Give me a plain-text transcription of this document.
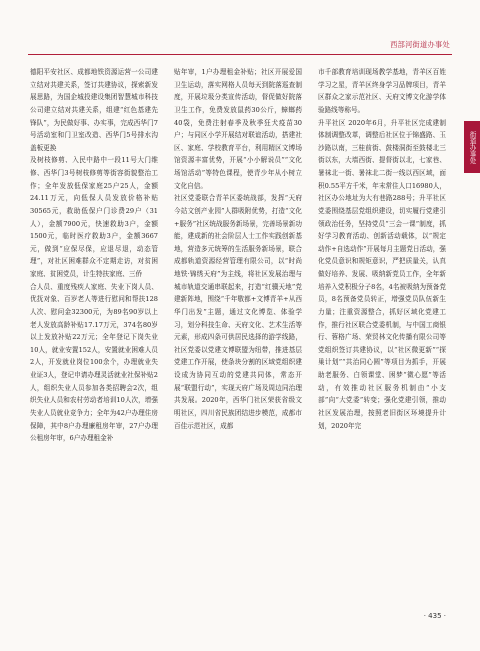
西部河街道办事处
街道办事处

德阳平安社区、成都地铁资源运营一公司建立结对共建关系，签订共建协议，探索新发展思路，为国企城投建设集团智慧城市科技公司建立结对共建关系，组建“红色基建先锋队”，为民做好事、办实事，完成西华门7号活动室和门卫室改造、西华门5号排水沟盖板更换

及树枝修剪、入民中路中一段11号大门维修、西华门3号树枝修剪等街容街貌整治工作；全年发放低保家庭25户25人，金额24.11万元，向低保人员发放价格补贴30565元，救助低保户门诊费29户（31人），金额7900元，快速救助3户，金额1500元，临时医疗救助3户，金额3667元，做到“应保尽保，应退尽退，动态管理”，对社区困难群众不定期走访，对贫困家庭、贫困党员，计生特扶家庭、三侨

合人员、重度残疾人家庭、失业下岗人员、优抚对象、百岁老人等进行慰问和帮扶128人次、慰问金32300元，为89名90岁以上老人发放高龄补贴17.17万元，374名80岁以上发放补贴22万元；全年登记下岗失业10人，就业安置152人，安置就业困难人员2人，开发就业岗位100余个，办理就业失业证3人，登记申请办理灵活就业社保补贴2人，组织失业人员参加各类招聘会2次，组织失业人员和农村劳动者培训10人次，增强失业人员就业竞争力；全年为42户办理住房保障，其中8户办理廉租房年审，27户办理公租房年审，6户办理租金补

贴年审，1户办理租金补贴；社区开展爱国卫生运动，落实网格人员每天到院落巡查制度，开展垃圾分类宣传活动，督促做好院落卫生工作，免费发放鼠药30公斤，蟑螂药40袋，免费注射春季及秋季狂犬疫苗30户；与同区小学开展结对联谊活动，搭建社区、家庭、学校教育平台，利用精区文博场馆资源丰富优势，开展“小小解说员”“文化场馆活动”等特色课程，使青少年从小树立文化自信。

社区党委联合青羊区委统战部，发挥“天府今站文创产业园”人群吸附优势，打造“文化+服务”社区统战服务新场景，完善场景新功能，建成新的社会阶层人士工作实践创新基地，营造多元统筹的生活服务新场景，联合成都轨道资源经营管理有限公司，以“时尚地铁·锦绣天府”为主线，将社区发展治理与城市轨道交通串联起来，打造“红骥天地”党建新阵地，围绕“千年敬都+文博青羊+从西华门出发”主题，通过文化博览、体验学习，划分科技生命、天府文化、艺术生活等元素，形成四条可供居民选择的游学线路，社区党委以党建文博联盟为纽带，推进基层党建工作开展，使条块分割的区域党组织建设成为协同互动的党建共同体，常态开展“联盟行动”，实现天府广场及周边同治理共发展。2020年，西华门社区荣获省级文明社区，四川省民族团结进步模范，成都市百佳示范社区，成都

市千部教育培训现场教学基地，青羊区百姓学习之星，青羊区终身学习品牌项目，青羊区群众之家示范社区、天府文博文化游学体验路线等称号。

升平社区 2020年6月，升平社区完成建制体制调整改革，调整后社区位于锦盛路、玉沙路以南，三桂前街、鼓楼洞街至鼓楼北三街以东，大墙西街、提督街以北，七家巷、暑袜北一街、暑袜北二街一线以西区域，面积0.55平方千米，年末常住人口16980人，社区办公地址为大有巷路288号；升平社区党委围绕基层党组织建设，切实履行党建引领政治任务，坚持党员“三会一课”制度，抓好学习教育活动、创新活动载体，以“规定动作+自选动作”开展每月主题党日活动，强化党员意识和规矩意识，严把质量关，认真做好培养、发展、吸纳新党员工作，全年新培养入党积极分子8名，4名被吸纳为预备党员，8名预备党员转正，增强党员队伍新生力量；注重资源整合，抓好区域化党建工作，推行社区联合党委机制，与中国工商银行、蓉格广场、荣贸林文化传播有限公司等党组织签订共建协议，以“社区微更新”“探巢计划”“共治同心圆”等项目为抓手，开展助老服务、白领课堂、困梦“微心愿”等活动，有效推动社区服务机制由“小支部”向“大党委”转变；强化党建引领，推动社区发展治理，按照老旧街区环境提升计划，2020年完

· 435 ·
